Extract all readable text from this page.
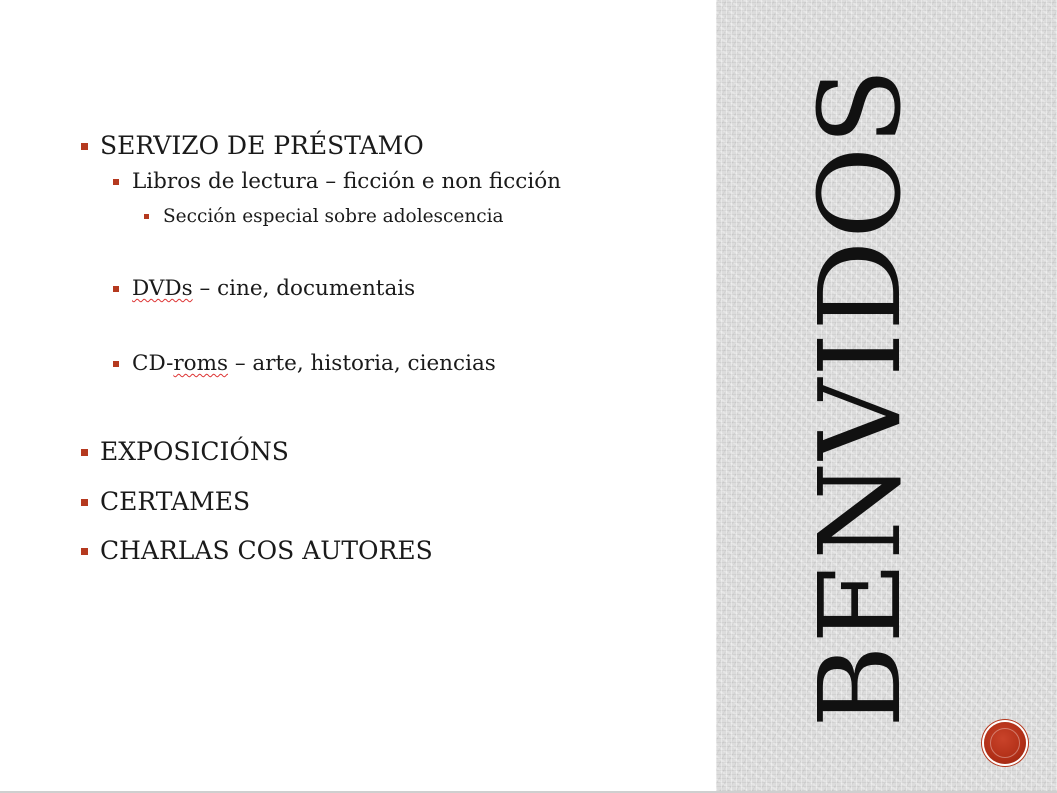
SERVIZO DE PRÉSTAMO
Libros de lectura – ficción e non ficción
Sección especial sobre adolescencia
DVDs – cine, documentais
CD-roms – arte, historia, ciencias
EXPOSICIÓNS
CERTAMES
CHARLAS COS AUTORES	BENVIDOS
